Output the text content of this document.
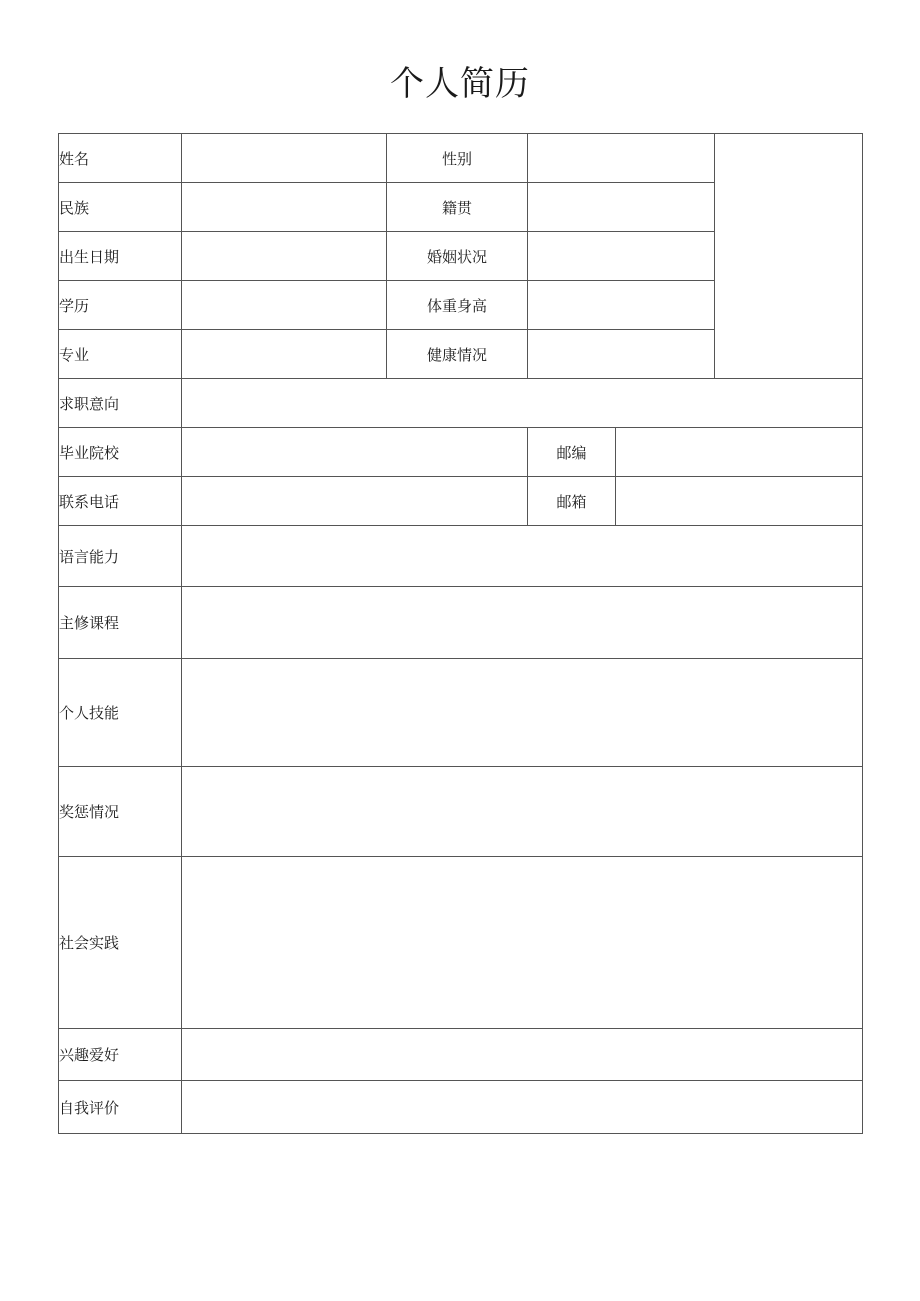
个人简历
姓名		性别			
民族		籍贯			
出生日期		婚姻状况			
学历		体重身高			
专业		健康情况			
求职意向					
毕业院校			邮编		
联系电话			邮箱		
语言能力					
主修课程					
个人技能					
奖惩情况					
社会实践					
兴趣爱好					
自我评价					
